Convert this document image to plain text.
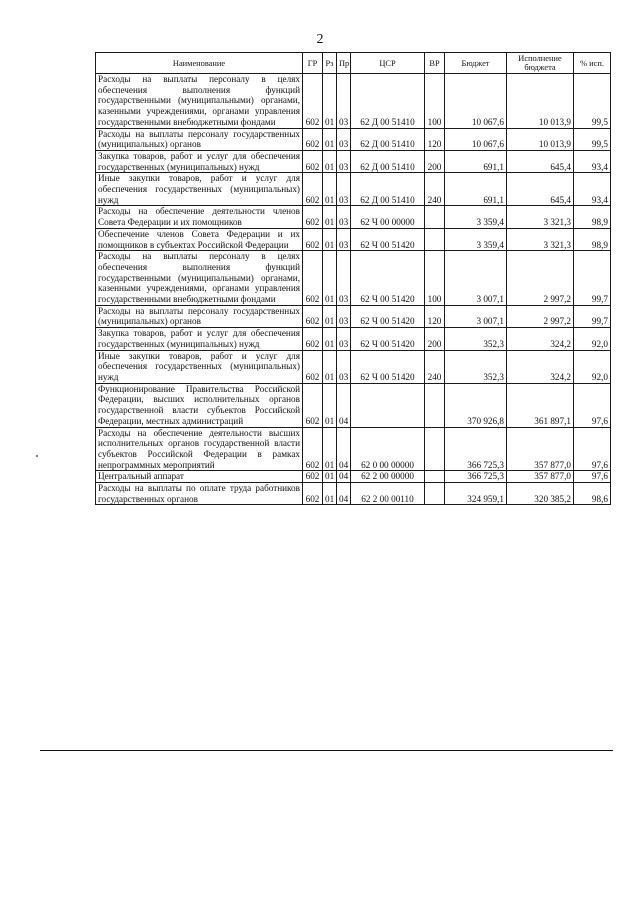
2
Наименование	ГР	Рз	Пр	ЦСР	ВР	Бюджет	Исполнение бюджета	% исп.
Расходы на выплаты персоналу в целях обеспечения выполнения функций государственными (муниципальными) органами, казенными учреждениями, органами управления государственными внебюджетными фондами	602	01	03	62 Д 00 51410	100	10 067,6	10 013,9	99,5
Расходы на выплаты персоналу государственных (муниципальных) органов	602	01	03	62 Д 00 51410	120	10 067,6	10 013,9	99,5
Закупка товаров, работ и услуг для обеспечения государственных (муниципальных) нужд	602	01	03	62 Д 00 51410	200	691,1	645,4	93,4
Иные закупки товаров, работ и услуг для обеспечения государственных (муниципальных) нужд	602	01	03	62 Д 00 51410	240	691,1	645,4	93,4
Расходы на обеспечение деятельности членов Совета Федерации и их помощников	602	01	03	62 Ч 00 00000		3 359,4	3 321,3	98,9
Обеспечение членов Совета Федерации и их помощников в субъектах Российской Федерации	602	01	03	62 Ч 00 51420		3 359,4	3 321,3	98,9
Расходы на выплаты персоналу в целях обеспечения выполнения функций государственными (муниципальными) органами, казенными учреждениями, органами управления государственными внебюджетными фондами	602	01	03	62 Ч 00 51420	100	3 007,1	2 997,2	99,7
Расходы на выплаты персоналу государственных (муниципальных) органов	602	01	03	62 Ч 00 51420	120	3 007,1	2 997,2	99,7
Закупка товаров, работ и услуг для обеспечения государственных (муниципальных) нужд	602	01	03	62 Ч 00 51420	200	352,3	324,2	92,0
Иные закупки товаров, работ и услуг для обеспечения государственных (муниципальных) нужд	602	01	03	62 Ч 00 51420	240	352,3	324,2	92,0
Функционирование Правительства Российской Федерации, высших исполнительных органов государственной власти субъектов Российской Федерации, местных администраций	602	01	04			370 926,8	361 897,1	97,6
Расходы на обеспечение деятельности высших исполнительных органов государственной власти субъектов Российской Федерации в рамках непрограммных мероприятий	602	01	04	62 0 00 00000		366 725,3	357 877,0	97,6
Центральный аппарат	602	01	04	62 2 00 00000		366 725,3	357 877,0	97,6
Расходы на выплаты по оплате труда работников государственных органов	602	01	04	62 2 00 00110		324 959,1	320 385,2	98,6
